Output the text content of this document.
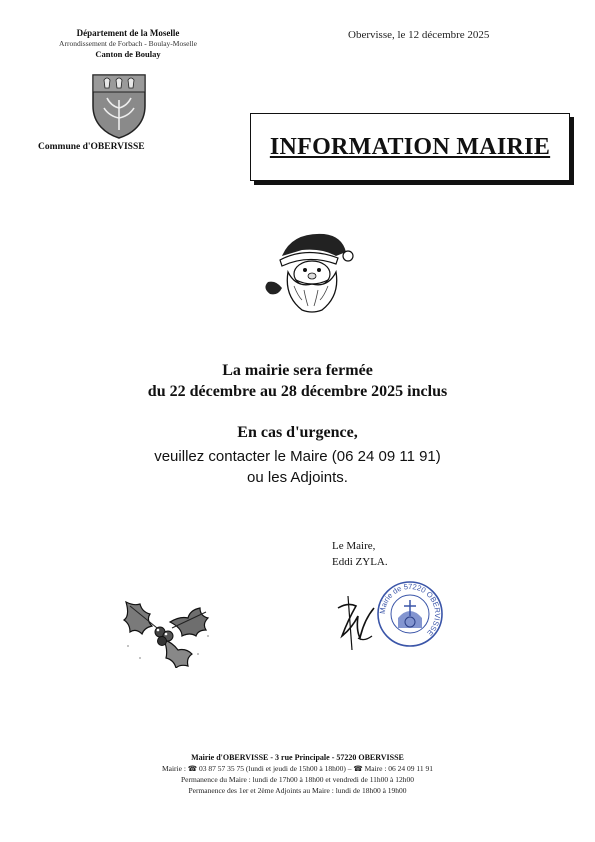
Département de la Moselle
Arrondissement de Forbach - Boulay-Moselle
Canton de Boulay
Obervisse, le 12 décembre 2025
Commune d'OBERVISSE	INFORMATION MAIRIE
La mairie sera fermée
du 22 décembre au 28 décembre 2025 inclus
En cas d'urgence,
veuillez contacter le Maire (06 24 09 11 91)
ou les Adjoints.
Le Maire,
Eddi ZYLA.
Mairie de 57220 OBERVISSE
Mairie d'OBERVISSE - 3 rue Principale - 57220 OBERVISSE
Mairie : ☎ 03 87 57 35 75 (lundi et jeudi de 15h00 à 18h00) – ☎ Maire : 06 24 09 11 91
Permanence du Maire : lundi de 17h00 à 18h00 et vendredi de 11h00 à 12h00
Permanence des 1er et 2ème Adjoints au Maire : lundi de 18h00 à 19h00
